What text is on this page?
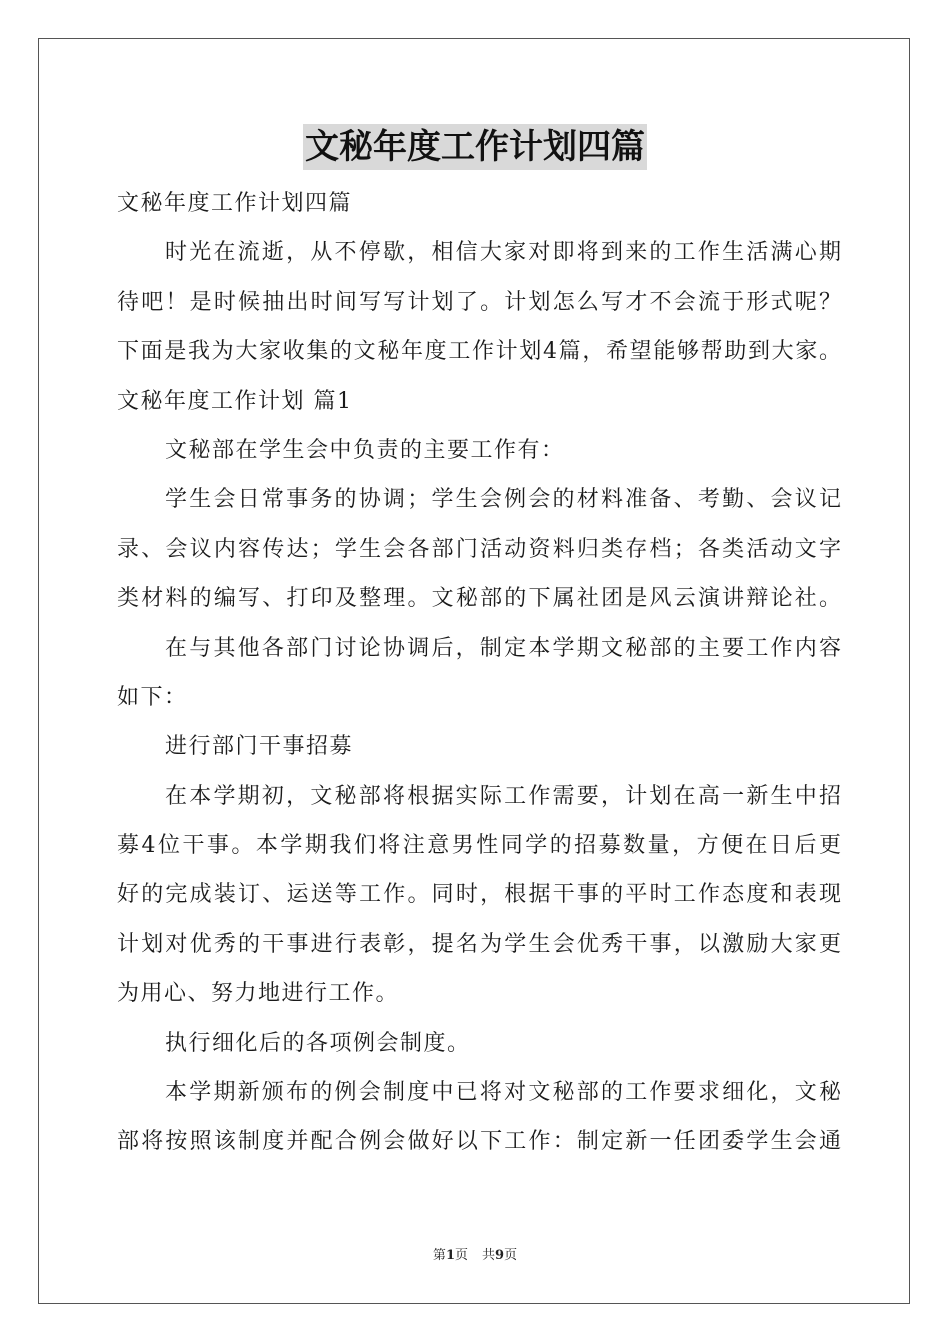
文秘年度工作计划四篇
文秘年度工作计划四篇
时光在流逝，从不停歇，相信大家对即将到来的工作生活满心期
待吧！是时候抽出时间写写计划了。计划怎么写才不会流于形式呢？
下面是我为大家收集的文秘年度工作计划4篇，希望能够帮助到大家。
文秘年度工作计划 篇1
文秘部在学生会中负责的主要工作有：
学生会日常事务的协调；学生会例会的材料准备、考勤、会议记
录、会议内容传达；学生会各部门活动资料归类存档；各类活动文字
类材料的编写、打印及整理。文秘部的下属社团是风云演讲辩论社。
在与其他各部门讨论协调后，制定本学期文秘部的主要工作内容
如下：
进行部门干事招募
在本学期初，文秘部将根据实际工作需要，计划在高一新生中招
募4位干事。本学期我们将注意男性同学的招募数量，方便在日后更
好的完成装订、运送等工作。同时，根据干事的平时工作态度和表现
计划对优秀的干事进行表彰，提名为学生会优秀干事，以激励大家更
为用心、努力地进行工作。
执行细化后的各项例会制度。
本学期新颁布的例会制度中已将对文秘部的工作要求细化，文秘
部将按照该制度并配合例会做好以下工作：制定新一任团委学生会通
第1页 共9页
